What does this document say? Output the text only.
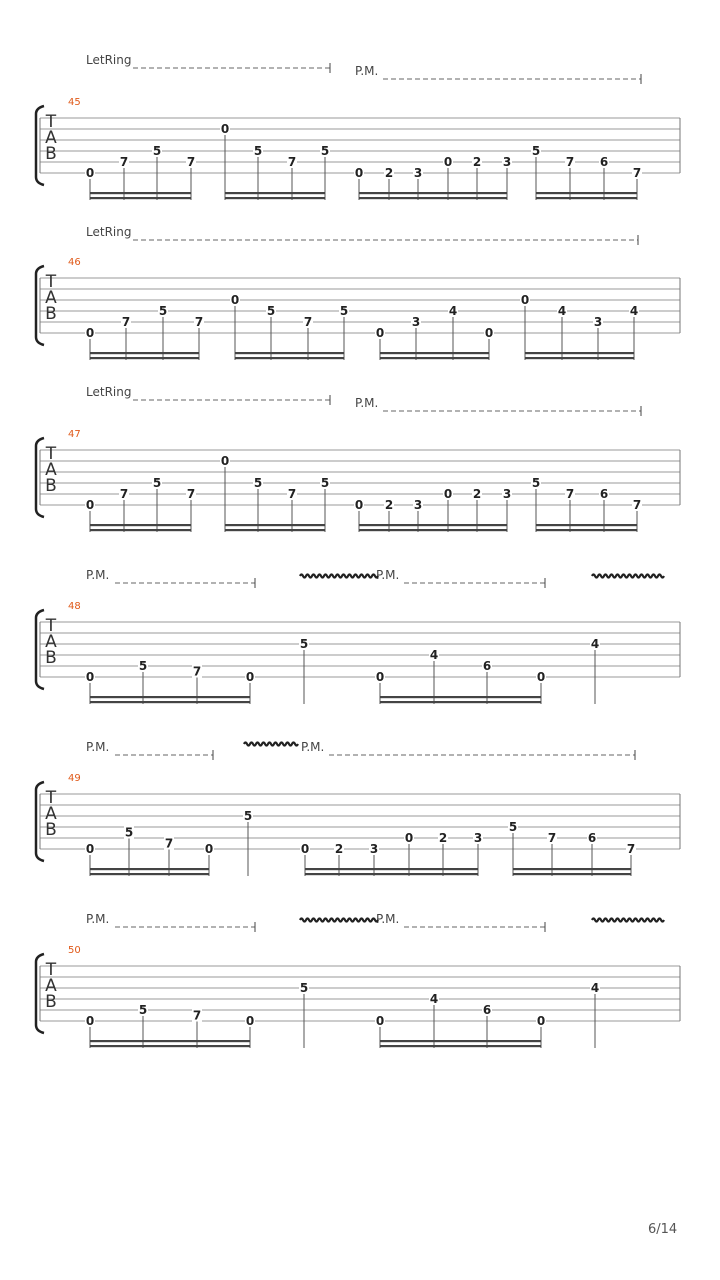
T
A
B
45
LetRing
P.M.
0
7
5
7
0
5
7
5
0 2 3
0 2 3
5
7 6
7
T
A
B
46
LetRing
0
7
5
7
0
5
7
5
0
3
4
0
0
4
3
4
T
A
B
47
LetRing
P.M.
0
7
5
7
0
5
7
5
0 2 3
0 2 3
5
7 6
7
T
A
B
48
P.M.	P.M.
0
5	7	0
5
0
4
6
0
4
T
A
B
49
P.M.	P.M.
0
5
7	0
5
0 2 3
0 2 3
5
7	6
7
T
A
B
50
P.M.	P.M.
0
5	7	0
5
0
4
6
0
4
6/14
